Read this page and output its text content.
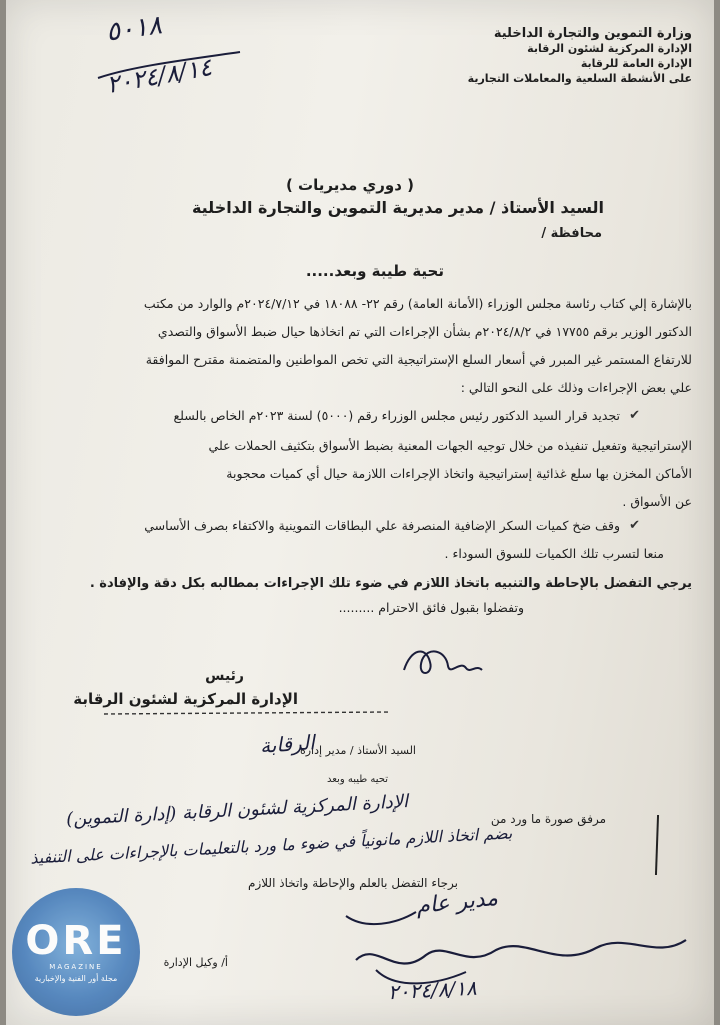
وزارة التموين والتجارة الداخلية
الإدارة المركزية لشئون الرقابة
الإدارة العامة للرقابة
على الأنشطة السلعية والمعاملات التجارية
٥٠١٨
٢٠٢٤/٨/١٤
( دوري مديريات )
السيد الأستاذ / مدير مديرية التموين والتجارة الداخلية
محافظة /
تحية طيبة وبعد.....
بالإشارة إلي كتاب رئاسة مجلس الوزراء (الأمانة العامة) رقم ٢٢- ١٨٠٨٨ في ٢٠٢٤/٧/١٢م والوارد من مكتب
الدكتور الوزير برقم ١٧٧٥٥ في ٢٠٢٤/٨/٢م بشأن الإجراءات التي تم اتخاذها حيال ضبط الأسواق والتصدي
للارتفاع المستمر غير المبرر في أسعار السلع الإستراتيجية التي تخص المواطنين والمتضمنة مقترح الموافقة
علي بعض الإجراءات وذلك على النحو التالي :
✔
تجديد قرار السيد الدكتور رئيس مجلس الوزراء رقم (٥٠٠٠) لسنة ٢٠٢٣م الخاص بالسلع
الإستراتيجية وتفعيل تنفيذه من خلال توجيه الجهات المعنية بضبط الأسواق بتكثيف الحملات علي
الأماكن المخزن بها سلع غذائية إستراتيجية واتخاذ الإجراءات اللازمة حيال أي كميات محجوبة
عن الأسواق .
✔
وقف ضخ كميات السكر الإضافية المنصرفة علي البطاقات التموينية والاكتفاء بصرف الأساسي
منعا لتسرب تلك الكميات للسوق السوداء .
يرجي التفضل بالإحاطة والتنبيه باتخاذ اللازم في ضوء تلك الإجراءات بمطالبه بكل دقة والإفادة .
وتفضلوا بقبول فائق الاحترام .........
رئيس
الإدارة المركزية لشئون الرقابة
السيد الأستاذ / مدير إدارة
الرقابة
تحيه طيبه وبعد
مرفق صورة ما ورد من
الإدارة المركزية لشئون الرقابة (إدارة التموين)
بضم اتخاذ اللازم مانونياً في ضوء ما ورد بالتعليمات بالإجراءات على التنفيذ
برجاء التفضل بالعلم والإحاطة واتخاذ اللازم
مدير عام
٢٠٢٤/٨/١٨
أ/ وكيل الإدارة
ORE
MAGAZINE
مجلة أور الفنية والإخبارية
